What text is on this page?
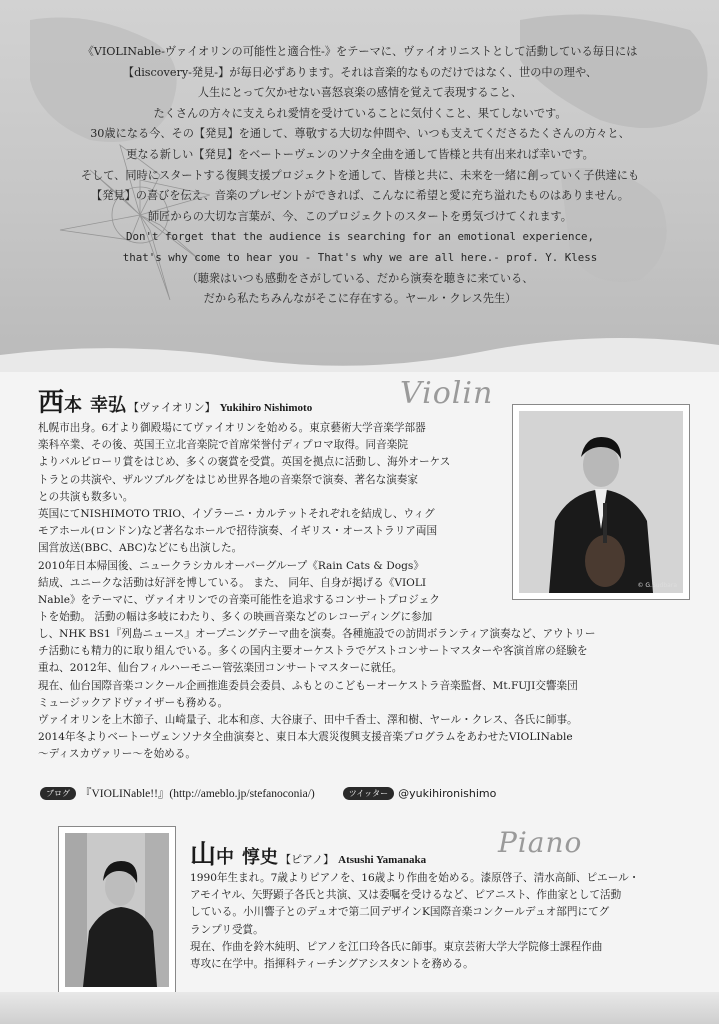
《VIOLINable-ヴァイオリンの可能性と適合性-》をテーマに、ヴァイオリニストとして活動している毎日には
【discovery-発見-】が毎日必ずあります。それは音楽的なものだけではなく、世の中の理や、
人生にとって欠かせない喜怒哀楽の感情を覚えて表現すること、
たくさんの方々に支えられ愛情を受けていることに気付くこと、果てしないです。
30歳になる今、その【発見】を通して、尊敬する大切な仲間や、いつも支えてくださるたくさんの方々と、
更なる新しい【発見】をベートーヴェンのソナタ全曲を通して皆様と共有出来れば幸いです。
そして、同時にスタートする復興支援プロジェクトを通して、皆様と共に、未来を一緒に創っていく子供達にも
【発見】の喜びを伝え、音楽のプレゼントができれば、こんなに希望と愛に充ち溢れたものはありません。
師匠からの大切な言葉が、今、このプロジェクトのスタートを勇気づけてくれます。
Don't forget that the audience is searching for an emotional experience,
that's why come to hear you - That's why we are all here.- prof. Y. Kless
（聴衆はいつも感動をさがしている、だから演奏を聴きに来ている、
だから私たちみんながそこに存在する。ヤール・クレス先生）
西 本 幸弘 【ヴァイオリン】 Yukihiro Nishimoto	Violin
© G.Sudbara
札幌市出身。6才より御殿場にてヴァイオリンを始める。東京藝術大学音楽学部器
楽科卒業、その後、英国王立北音楽院で首席栄誉付ディプロマ取得。同音楽院
よりバルビローリ賞をはじめ、多くの褒賞を受賞。英国を拠点に活動し、海外オーケス
トラとの共演や、ザルツブルグをはじめ世界各地の音楽祭で演奏、著名な演奏家
との共演も数多い。
英国にてNISHIMOTO TRIO、イゾラーニ・カルテットそれぞれを結成し、ウィグ
モアホール(ロンドン)など著名なホールで招待演奏、イギリス・オーストラリア両国
国営放送(BBC、ABC)などにも出演した。
2010年日本帰国後、ニュークラシカルオーバーグループ《Rain Cats & Dogs》
結成、ユニークな活動は好評を博している。 また、 同年、自身が掲げる《VIOLI
Nable》をテーマに、ヴァイオリンでの音楽可能性を追求するコンサートプロジェク
トを始動。 活動の幅は多岐にわたり、多くの映画音楽などのレコーディングに参加
し、NHK BS1『列島ニュース』オープニングテーマ曲を演奏。各種施設での訪問ボランティア演奏など、アウトリー
チ活動にも精力的に取り組んでいる。多くの国内主要オーケストラでゲストコンサートマスターや客演首席の経験を
重ね、2012年、仙台フィルハーモニー管弦楽団コンサートマスターに就任。
現在、仙台国際音楽コンクール企画推進委員会委員、ふもとのこどもーオーケストラ音楽監督、Mt.FUJI交響楽団
ミュージックアドヴァイザーも務める。
ヴァイオリンを上木節子、山崎量子、北本和彦、大谷康子、田中千香士、澤和樹、ヤール・クレス、各氏に師事。
2014年冬よりベートーヴェンソナタ全曲演奏と、東日本大震災復興支援音楽プログラムをあわせたVIOLINable
～ディスカヴァリー～を始める。
ブログ 『VIOLINable!!』(http://ameblo.jp/stefanoconia/)	ツイッター @yukihironishimo
山 中 惇史 【ピアノ】 Atsushi Yamanaka
Piano
1990年生まれ。7歳よりピアノを、16歳より作曲を始める。漆原啓子、清水高師、ピエール・
アモイヤル、矢野顕子各氏と共演、又は委嘱を受けるなど、ピアニスト、作曲家として活動
している。小川響子とのデュオで第二回デザインK国際音楽コンクールデュオ部門にてグ
ランプリ受賞。
現在、作曲を鈴木純明、ピアノを江口玲各氏に師事。東京芸術大学大学院修士課程作曲
専攻に在学中。指揮科ティーチングアシスタントを務める。
